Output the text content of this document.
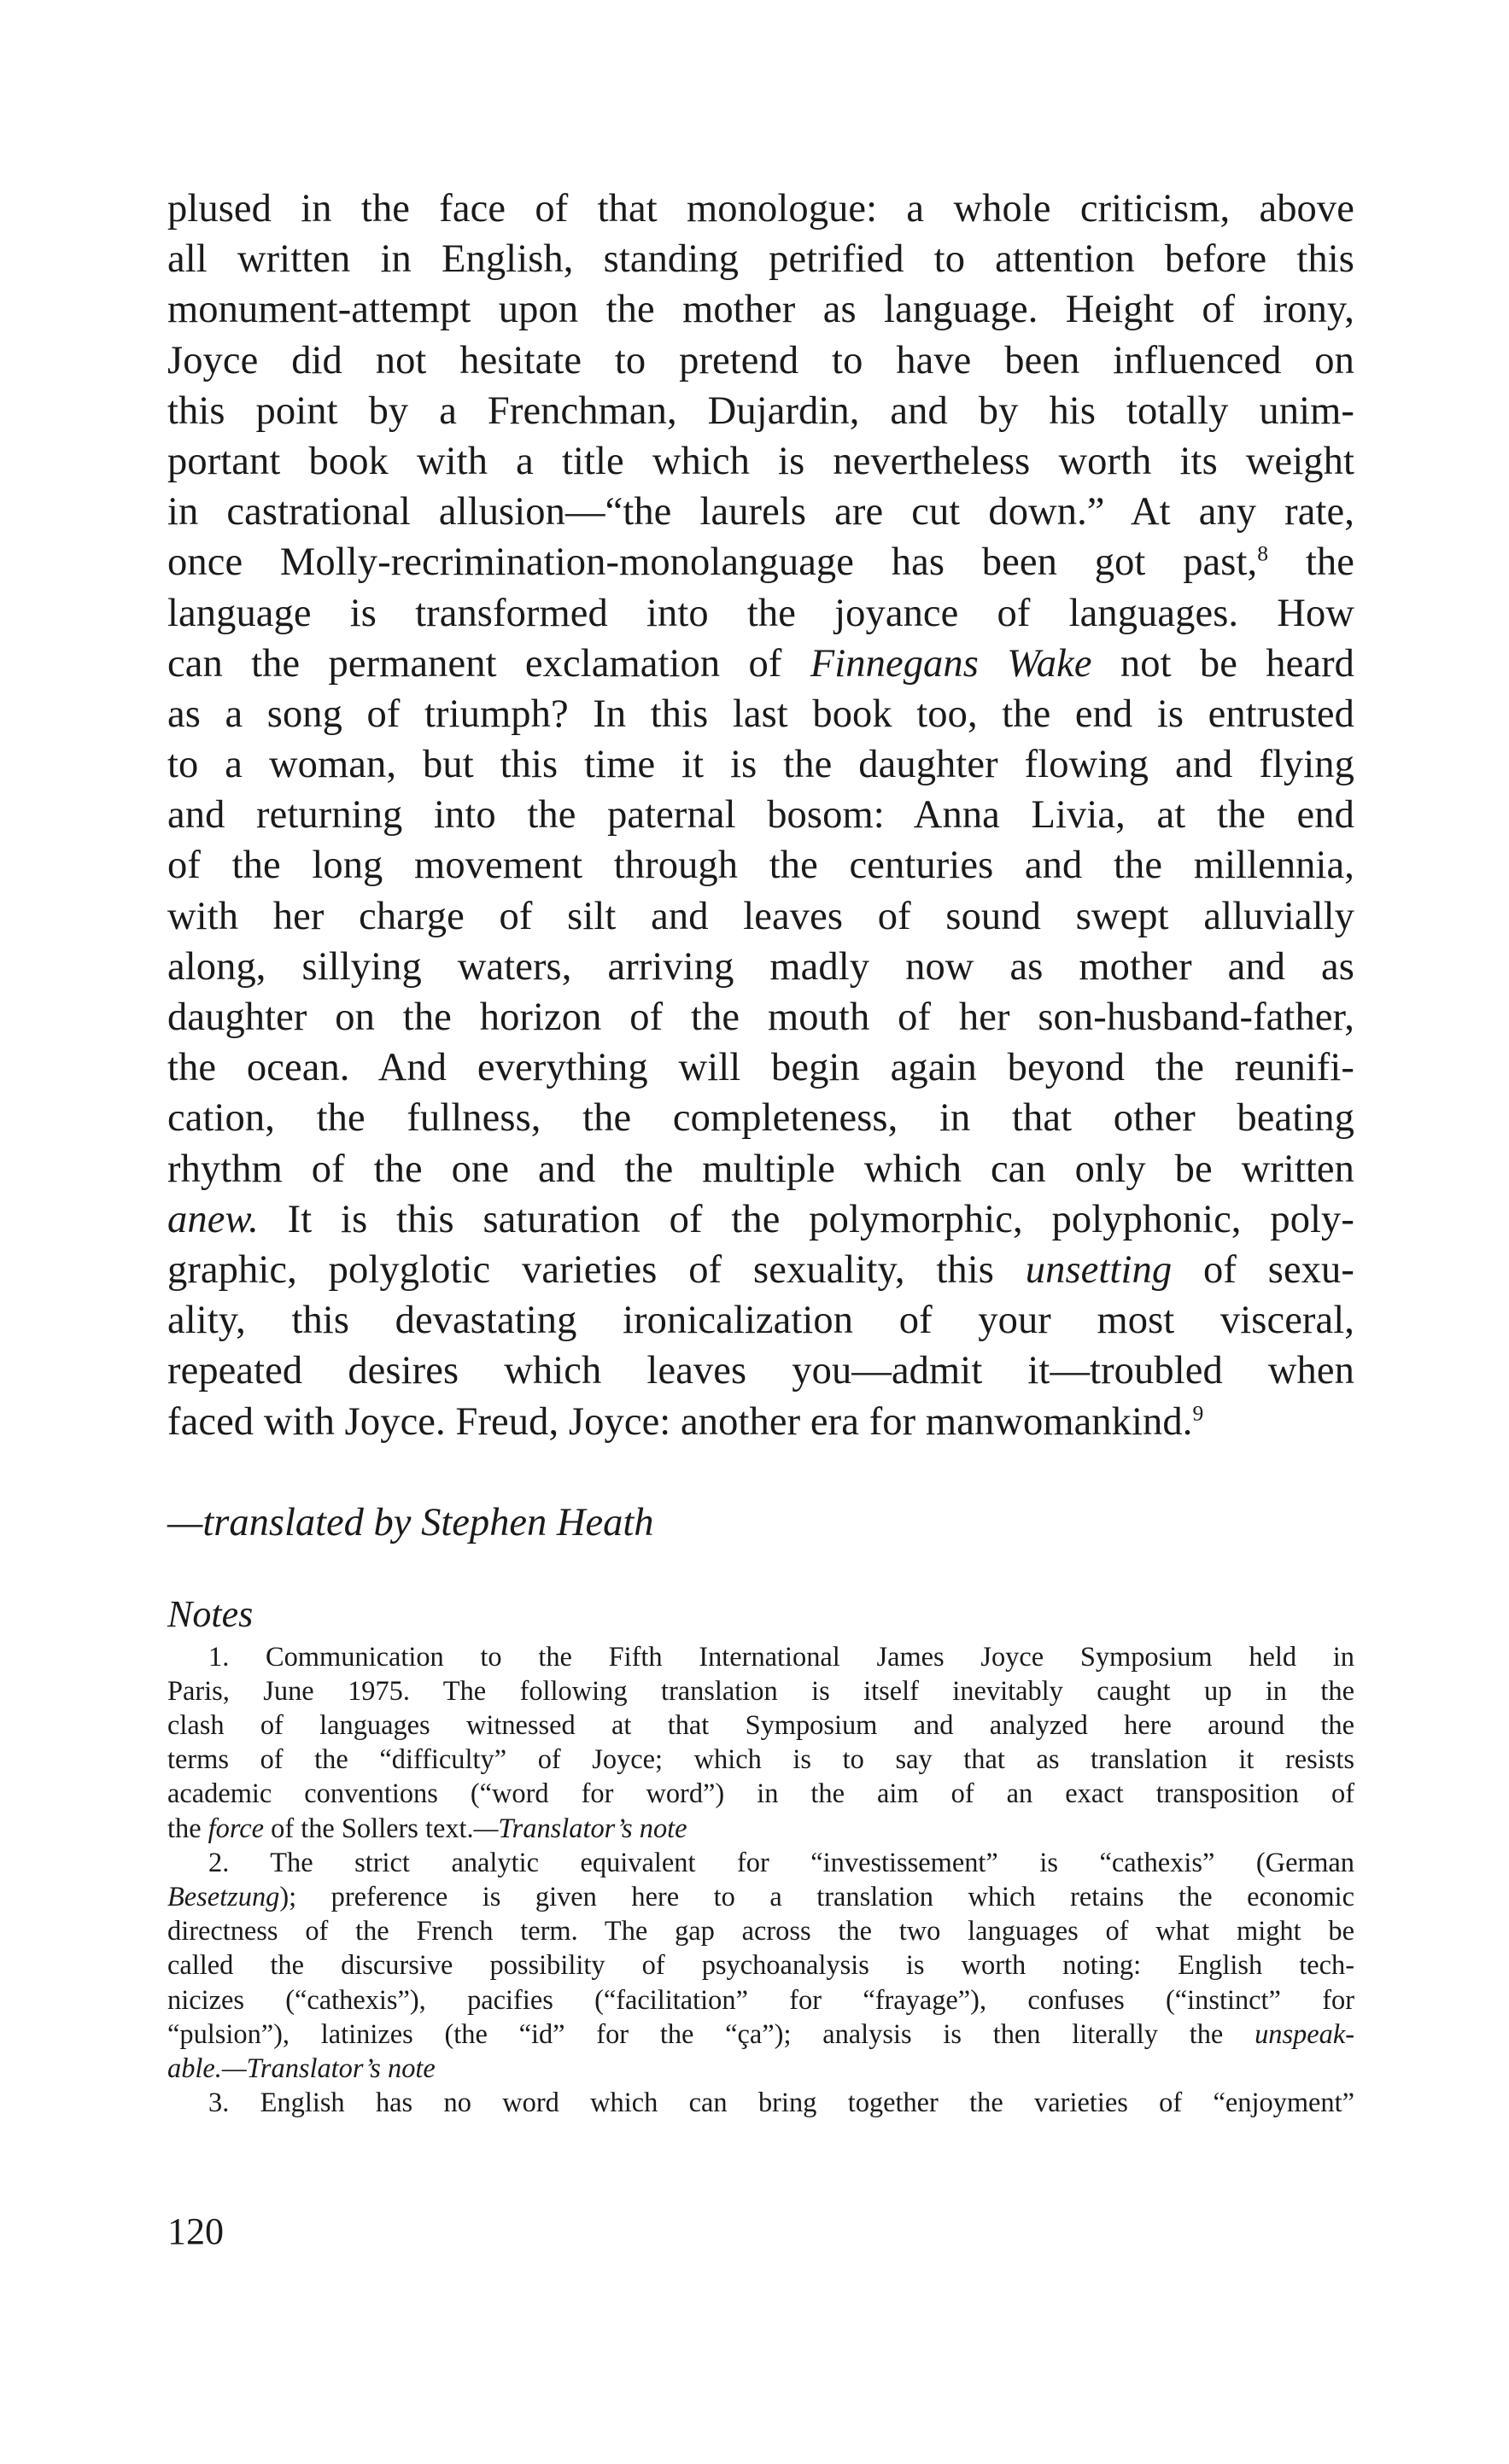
plused in the face of that monologue: a whole criticism, above
all written in English, standing petrified to attention before this
monument-attempt upon the mother as language. Height of irony,
Joyce did not hesitate to pretend to have been influenced on
this point by a Frenchman, Dujardin, and by his totally unim-
portant book with a title which is nevertheless worth its weight
in castrational allusion—“the laurels are cut down.” At any rate,
once Molly-recrimination-monolanguage has been got past,$^8$ the
language is transformed into the joyance of languages. How
can the permanent exclamation of Finnegans Wake not be heard
as a song of triumph? In this last book too, the end is entrusted
to a woman, but this time it is the daughter flowing and flying
and returning into the paternal bosom: Anna Livia, at the end
of the long movement through the centuries and the millennia,
with her charge of silt and leaves of sound swept alluvially
along, sillying waters, arriving madly now as mother and as
daughter on the horizon of the mouth of her son-husband-father,
the ocean. And everything will begin again beyond the reunifi-
cation, the fullness, the completeness, in that other beating
rhythm of the one and the multiple which can only be written
anew. It is this saturation of the polymorphic, polyphonic, poly-
graphic, polyglotic varieties of sexuality, this unsetting of sexu-
ality, this devastating ironicalization of your most visceral,
repeated desires which leaves you—admit it—troubled when
faced with Joyce. Freud, Joyce: another era for manwomankind.$^9$
—translated by Stephen Heath
Notes
1. Communication to the Fifth International James Joyce Symposium held in
Paris, June 1975. The following translation is itself inevitably caught up in the
clash of languages witnessed at that Symposium and analyzed here around the
terms of the “difficulty” of Joyce; which is to say that as translation it resists
academic conventions (“word for word”) in the aim of an exact transposition of
the force of the Sollers text.—Translator’s note
2. The strict analytic equivalent for “investissement” is “cathexis” (German
Besetzung); preference is given here to a translation which retains the economic
directness of the French term. The gap across the two languages of what might be
called the discursive possibility of psychoanalysis is worth noting: English tech-
nicizes (“cathexis”), pacifies (“facilitation” for “frayage”), confuses (“instinct” for
“pulsion”), latinizes (the “id” for the “ça”); analysis is then literally the unspeak-
able.—Translator’s note
3. English has no word which can bring together the varieties of “enjoyment”
120
